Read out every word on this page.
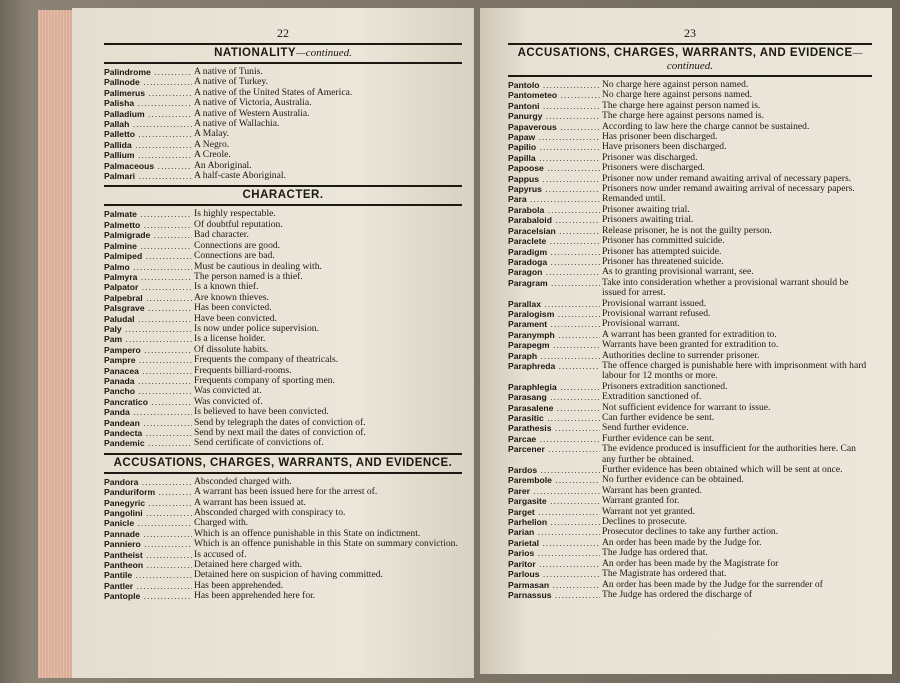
22
NATIONALITY—continued.
Palindrome .....	A native of Tunis.
Pallnode .....	A native of Turkey.
Palimerus .....	A native of the United States of America.
Palisha .....	A native of Victoria, Australia.
Palladium .....	A native of Western Australia.
Pallah .....	A native of Wallachia.
Palletto .....	A Malay.
Pallida .....	A Negro.
Pallium .....	A Creole.
Palmaceous .....	An Aboriginal.
Palmari .....	A half-caste Aboriginal.
CHARACTER.
Palmate .....	Is highly respectable.
Palmetto .....	Of doubtful reputation.
Palmigrade .....	Bad character.
Palmine .....	Connections are good.
Palmiped .....	Connections are bad.
Palmo .....	Must be cautious in dealing with.
Palmyra .....	The person named is a thief.
Palpator .....	Is a known thief.
Palpebral .....	Are known thieves.
Palsgrave .....	Has been convicted.
Paludal .....	Have been convicted.
Paly .....	Is now under police supervision.
Pam .....	Is a license holder.
Pampero .....	Of dissolute habits.
Pampre .....	Frequents the company of theatricals.
Panacea .....	Frequents billiard-rooms.
Panada .....	Frequents company of sporting men.
Pancho .....	Was convicted at.
Pancratico .....	Was convicted of.
Panda .....	Is believed to have been convicted.
Pandean .....	Send by telegraph the dates of conviction of.
Pandecta .....	Send by next mail the dates of conviction of.
Pandemic .....	Send certificate of convictions of.
ACCUSATIONS, CHARGES, WARRANTS, AND EVIDENCE.
Pandora .....	Absconded charged with.
Panduriform .....	A warrant has been issued here for the arrest of.
Panegyric .....	A warrant has been issued at.
Pangolini .....	Absconded charged with conspiracy to.
Panicle .....	Charged with.
Pannade .....	Which is an offence punishable in this State on indictment.
Panniero .....	Which is an offence punishable in this State on summary conviction.
Pantheist .....	Is accused of.
Pantheon .....	Detained here charged with.
Pantile .....	Detained here on suspicion of having committed.
Pantler .....	Has been apprehended.
Pantople .....	Has been apprehended here for.
23
ACCUSATIONS, CHARGES, WARRANTS, AND EVIDENCE—continued.
Pantolo .....	No charge here against person named.
Pantometeo .....	No charge here against persons named.
Pantoni .....	The charge here against person named is.
Panurgy .....	The charge here against persons named is.
Papaverous .....	According to law here the charge cannot be sustained.
Papaw .....	Has prisoner been discharged.
Papilio .....	Have prisoners been discharged.
Papilla .....	Prisoner was discharged.
Papoose .....	Prisoners were discharged.
Pappus .....	Prisoner now under remand awaiting arrival of necessary papers.
Papyrus .....	Prisoners now under remand awaiting arrival of necessary papers.
Para .....	Remanded until.
Parabola .....	Prisoner awaiting trial.
Parabaloid .....	Prisoners awaiting trial.
Paracelsian .....	Release prisoner, he is not the guilty person.
Paraclete .....	Prisoner has committed suicide.
Paradigm .....	Prisoner has attempted suicide.
Paradoga .....	Prisoner has threatened suicide.
Paragon .....	As to granting provisional warrant, see.
Paragram .....	Take into consideration whether a provisional warrant should be issued for arrest.
Parallax .....	Provisional warrant issued.
Paralogism .....	Provisional warrant refused.
Parament .....	Provisional warrant.
Paranymph .....	A warrant has been granted for extradition to.
Parapegm .....	Warrants have been granted for extradition to.
Paraph .....	Authorities decline to surrender prisoner.
Paraphreda .....	The offence charged is punishable here with imprisonment with hard labour for 12 months or more.
Paraphlegia .....	Prisoners extradition sanctioned.
Parasang .....	Extradition sanctioned of.
Parasalene .....	Not sufficient evidence for warrant to issue.
Parasitic .....	Can further evidence be sent.
Parathesis .....	Send further evidence.
Parcae .....	Further evidence can be sent.
Parcener .....	The evidence produced is insufficient for the authorities here. Can any further be obtained.
Pardos .....	Further evidence has been obtained which will be sent at once.
Parembole .....	No further evidence can be obtained.
Parer .....	Warrant has been granted.
Pargasite .....	Warrant granted for.
Parget .....	Warrant not yet granted.
Parhelion .....	Declines to prosecute.
Parian .....	Prosecutor declines to take any further action.
Parietal .....	An order has been made by the Judge for.
Parios .....	The Judge has ordered that.
Paritor .....	An order has been made by the Magistrate for
Parlous .....	The Magistrate has ordered that.
Parmasan .....	An order has been made by the Judge for the surrender of
Parnassus .....	The Judge has ordered the discharge of
